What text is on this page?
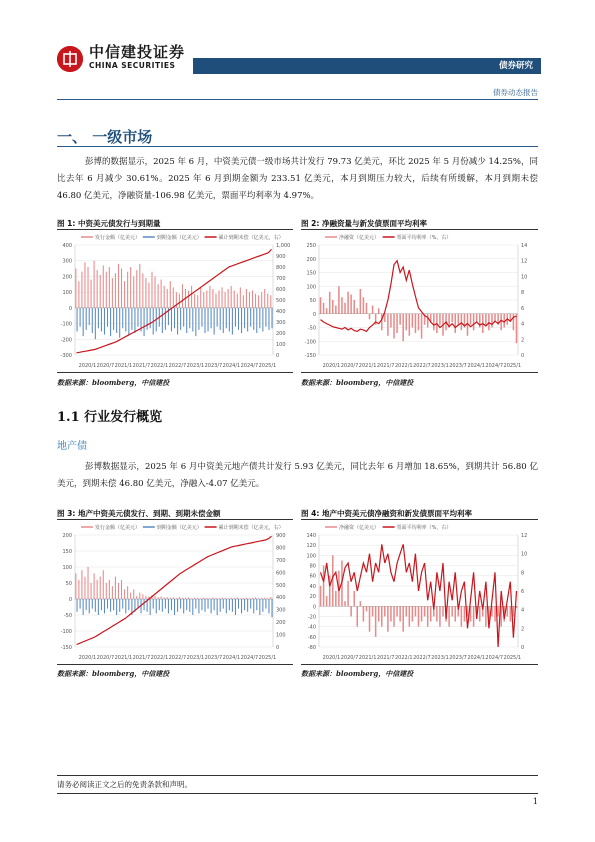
中信建投证券
CHINA SECURITIES	债券研究
债券动态报告
一、 一级市场
彭博的数据显示，2025 年 6 月，中资美元债一级市场共计发行 79.73 亿美元，环比 2025 年 5 月份减少 14.25%，同比去年 6 月减少 30.61%。2025 年 6 月到期金额为 233.51 亿美元，本月到期压力较大，后续有所缓解，本月到期未偿 46.80 亿美元，净融资量-106.98 亿美元，票面平均利率为 4.97%。
图 1: 中资美元债发行与到期量	图 2: 净融资量与新发债票面平均利率
发行金额（亿美元）	到期金额（亿美元）	累计到期未偿（亿美元，右）
400
300
200
100
0
-100
-200
-300
1,000
900
800
700
600
500
400
300
200
100
0
2020/1 2020/7 2021/1 2021/7 2022/1 2022/7 2023/1 2023/7 2024/1 2024/7 2025/1
净融资（亿美元）	票面平均利率（%，右）
250
200
150
100
50
0
-50
-100
-150
14
12
10
8
6
4
2
0
2020/1 2020/7 2021/1 2021/7 2022/1 2022/7 2023/1 2023/7 2024/1 2024/7 2025/1
数据来源：bloomberg，中信建投	数据来源：bloomberg，中信建投
1.1 行业发行概览
地产债
彭博数据显示，2025 年 6 月中资美元地产债共计发行 5.93 亿美元，同比去年 6 月增加 18.65%，到期共计 56.80 亿美元，到期未偿 46.80 亿美元，净融入-4.07 亿美元。
图 3: 地产中资美元债发行、到期、到期未偿金额	图 4: 地产中资美元债净融资和新发债票面平均利率
发行金额（亿美元）	到期金额（亿美元）	累计到期未偿（亿美元，右）
200
150
100
50
0
-50
-100
-150
900
800
700
600
500
400
300
200
100
0
2020/1 2020/7 2021/1 2021/7 2022/1 2022/7 2023/1 2023/7 2024/1 2024/7 2025/1
净融资（亿美元）	票面平均利率（%，右）
140
120
100
80
60
40
20
0
-20
-40
-60
-80
12
10
8
6
4
2
0
2020/1 2020/7 2021/1 2021/7 2022/1 2022/7 2023/1 2023/7 2024/1 2024/7 2025/1
数据来源：bloomberg，中信建投	数据来源：bloomberg，中信建投
请务必阅读正文之后的免责条款和声明。
1
